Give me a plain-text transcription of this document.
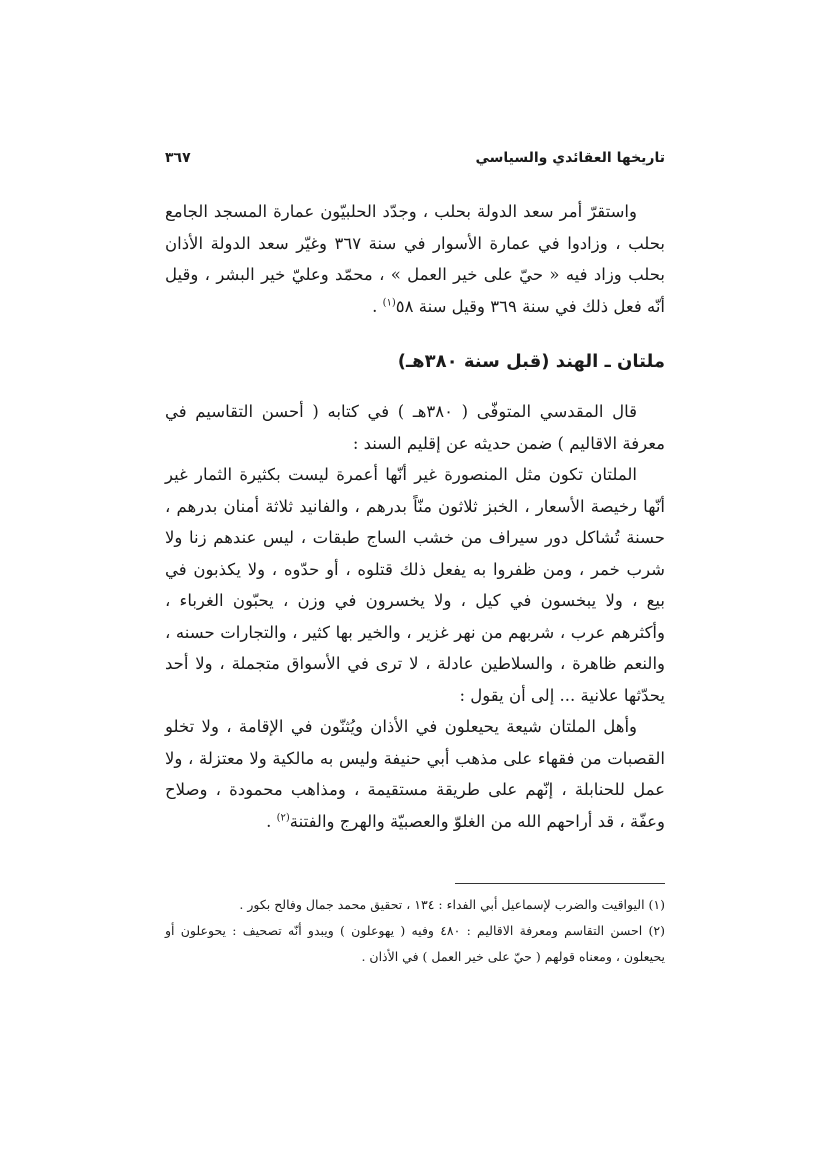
تاريخها العقائدي والسياسي
٣٦٧

واستقرّ أمر سعد الدولة بحلب ، وجدّد الحلبيّون عمارة المسجد الجامع بحلب ، وزادوا في عمارة الأسوار في سنة ٣٦٧ وغيّر سعد الدولة الأذان بحلب وزاد فيه « حيّ على خير العمل » ، محمّد وعليّ خير البشر ، وقيل أنّه فعل ذلك في سنة ٣٦٩ وقيل سنة ٥٨$^{(١)}$ .

ملتان ـ الهند (قبل سنة ٣٨٠هـ)

قال المقدسي المتوفّى ( ٣٨٠هـ ) في كتابه ( أحسن التقاسيم في معرفة الاقاليم ) ضمن حديثه عن إقليم السند :

الملتان تكون مثل المنصورة غير أنّها أعمرة ليست بكثيرة الثمار غير أنّها رخيصة الأسعار ، الخبز ثلاثون منّاً بدرهم ، والفانيد ثلاثة أمنان بدرهم ، حسنة تُشاكل دور سيراف من خشب الساج طبقات ، ليس عندهم زنا ولا شرب خمر ، ومن ظفروا به يفعل ذلك قتلوه ، أو حدّوه ، ولا يكذبون في بيع ، ولا يبخسون في كيل ، ولا يخسرون في وزن ، يحبّون الغرباء ، وأكثرهم عرب ، شربهم من نهر غزير ، والخير بها كثير ، والتجارات حسنه ، والنعم ظاهرة ، والسلاطين عادلة ، لا ترى في الأسواق متجملة ، ولا أحد يحدّثها علانية ... إلى أن يقول :

وأهل الملتان شيعة يحيعلون في الأذان ويُثنّون في الإقامة ، ولا تخلو القصبات من فقهاء على مذهب أبي حنيفة وليس به مالكية ولا معتزلة ، ولا عمل للحنابلة ، إنّهم على طريقة مستقيمة ، ومذاهب محمودة ، وصلاح وعفّة ، قد أراحهم الله من الغلوّ والعصبيّة والهرج والفتنة$^{(٢)}$ .

(١) اليواقيت والضرب لإسماعيل أبي الفداء : ١٣٤ ، تحقيق محمد جمال وفالح بكور .

(٢) احسن التقاسم ومعرفة الاقاليم : ٤٨٠ وفيه ( يهوعلون ) ويبدو أنّه تصحيف : يحوعلون أو يحيعلون ، ومعناه قولهم ( حيّ على خير العمل ) في الأذان .
